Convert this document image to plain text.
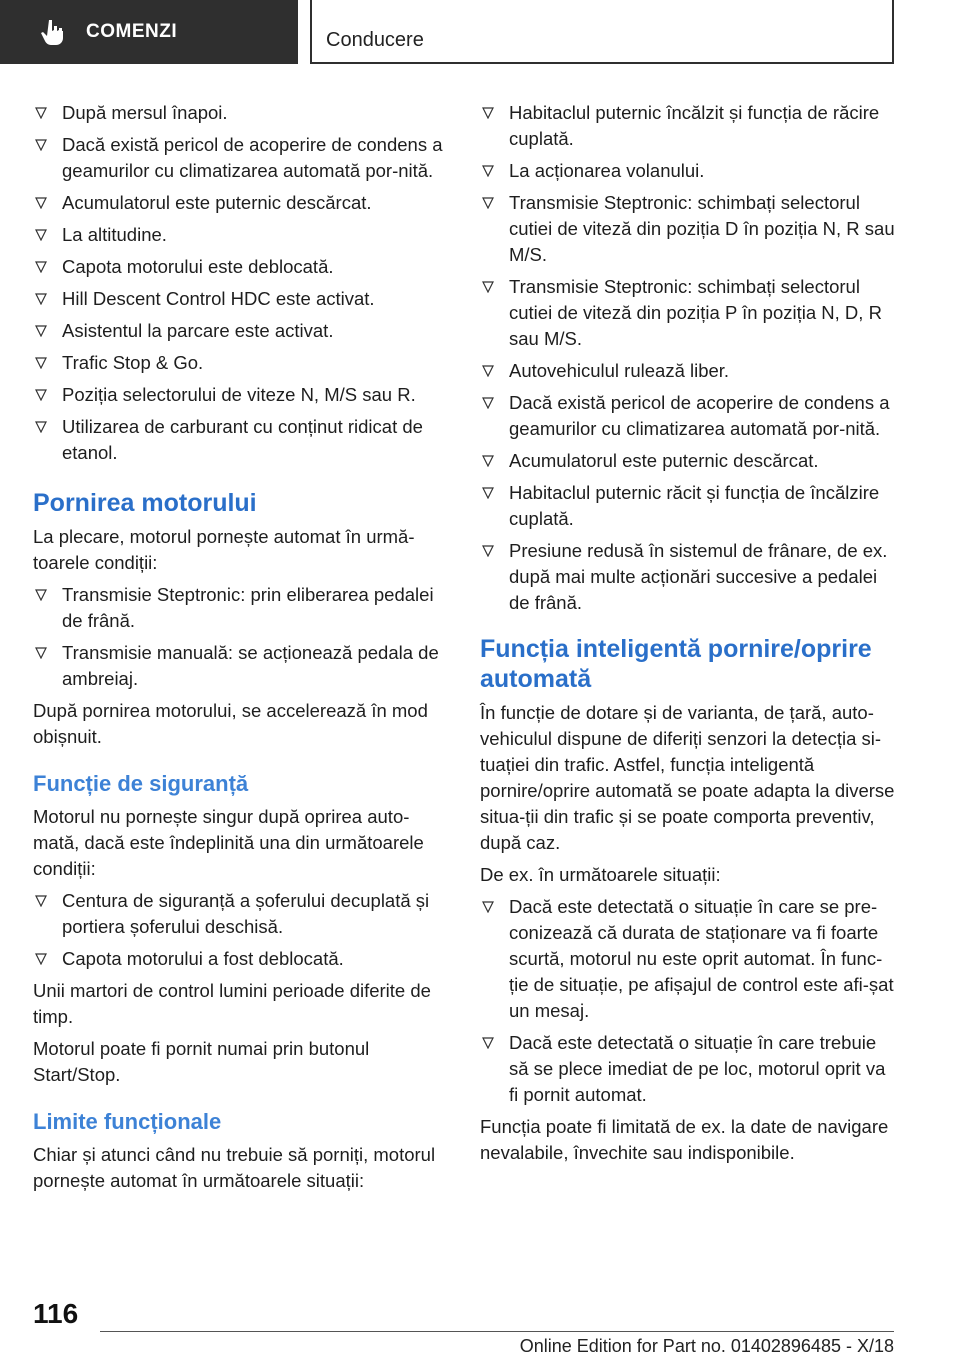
COMENZI	Conducere
După mersul înapoi.
Dacă există pericol de acoperire de condens a geamurilor cu climatizarea automată por‐nită.
Acumulatorul este puternic descărcat.
La altitudine.
Capota motorului este deblocată.
Hill Descent Control HDC este activat.
Asistentul la parcare este activat.
Trafic Stop & Go.
Poziția selectorului de viteze N, M/S sau R.
Utilizarea de carburant cu conținut ridicat de etanol.
Pornirea motorului

La plecare, motorul pornește automat în urmă‐toarele condiții:

Transmisie Steptronic: prin eliberarea pedalei de frână.
Transmisie manuală: se acționează pedala de ambreiaj.

După pornirea motorului, se accelerează în mod obișnuit.

Funcție de siguranță

Motorul nu pornește singur după oprirea auto‐mată, dacă este îndeplinită una din următoarele condiții:

Centura de siguranță a șoferului decuplată și portiera șoferului deschisă.
Capota motorului a fost deblocată.

Unii martori de control lumini perioade diferite de timp.

Motorul poate fi pornit numai prin butonul Start/Stop.

Limite funcționale

Chiar și atunci când nu trebuie să porniți, motorul pornește automat în următoarele situații:

Habitaclul puternic încălzit și funcția de răcire cuplată.
La acționarea volanului.
Transmisie Steptronic: schimbați selectorul cutiei de viteză din poziția D în poziția N, R sau M/S.
Transmisie Steptronic: schimbați selectorul cutiei de viteză din poziția P în poziția N, D, R sau M/S.
Autovehiculul rulează liber.
Dacă există pericol de acoperire de condens a geamurilor cu climatizarea automată por‐nită.
Acumulatorul este puternic descărcat.
Habitaclul puternic răcit și funcția de încălzire cuplată.
Presiune redusă în sistemul de frânare, de ex. după mai multe acționări succesive a pedalei de frână.
Funcția inteligentă pornire/oprire automată

În funcție de dotare și de varianta, de țară, auto‐vehiculul dispune de diferiți senzori la detecția si‐tuației din trafic. Astfel, funcția inteligentă pornire/oprire automată se poate adapta la diverse situa‐ții din trafic și se poate comporta preventiv, după caz.

De ex. în următoarele situații:

Dacă este detectată o situație în care se pre‐conizează că durata de staționare va fi foarte scurtă, motorul nu este oprit automat. În func‐ție de situație, pe afișajul de control este afi‐șat un mesaj.
Dacă este detectată o situație în care trebuie să se plece imediat de pe loc, motorul oprit va fi pornit automat.

Funcția poate fi limitată de ex. la date de navigare nevalabile, învechite sau indisponibile.

116
Online Edition for Part no. 01402896485 - X/18
